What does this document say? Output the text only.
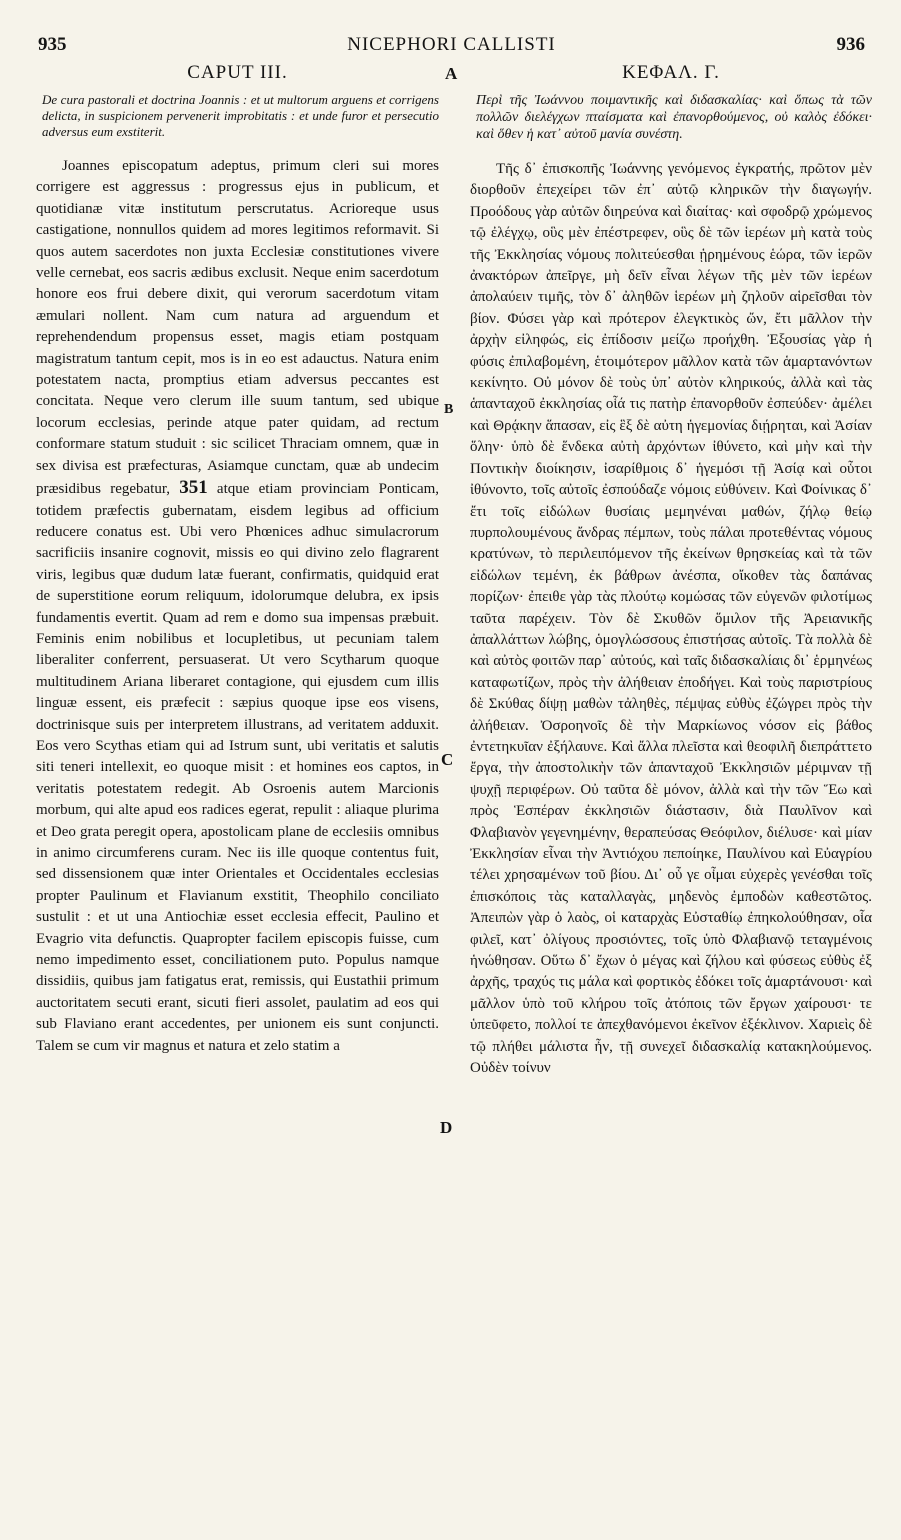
935	NICEPHORI CALLISTI	936
A
B
C
D
CAPUT III.

De cura pastorali et doctrina Joannis : et ut multorum arguens et corrigens delicta, in suspicionem pervenerit improbitatis : et unde furor et persecutio adversus eum exstiterit.

Joannes episcopatum adeptus, primum cleri sui mores corrigere est aggressus : progressus ejus in publicum, et quotidianæ vitæ institutum perscrutatus. Acrioreque usus castigatione, nonnullos quidem ad mores legitimos reformavit. Si quos autem sacerdotes non juxta Ecclesiæ constitutiones vivere velle cernebat, eos sacris ædibus exclusit. Neque enim sacerdotum honore eos frui debere dixit, qui verorum sacerdotum vitam æmulari nollent. Nam cum natura ad arguendum et reprehendendum propensus esset, magis etiam postquam magistratum tantum cepit, mos is in eo est adauctus. Natura enim potestatem nacta, promptius etiam adversus peccantes est concitata. Neque vero clerum ille suum tantum, sed ubique locorum ecclesias, perinde atque pater quidam, ad rectum conformare statum studuit : sic scilicet Thraciam omnem, quæ in sex divisa est præfecturas, Asiamque cunctam, quæ ab undecim præsidibus regebatur, 351 atque etiam provinciam Ponticam, totidem præfectis gubernatam, eisdem legibus ad officium reducere conatus est. Ubi vero Phœnices adhuc simulacrorum sacrificiis insanire cognovit, missis eo qui divino zelo flagrarent viris, legibus quæ dudum latæ fuerant, confirmatis, quidquid erat de superstitione eorum reliquum, idolorumque delubra, ex ipsis fundamentis evertit. Quam ad rem e domo sua impensas præbuit. Feminis enim nobilibus et locupletibus, ut pecuniam talem liberaliter conferrent, persuaserat. Ut vero Scytharum quoque multitudinem Ariana liberaret contagione, qui ejusdem cum illis linguæ essent, eis præfecit : sæpius quoque ipse eos visens, doctrinisque suis per interpretem illustrans, ad veritatem adduxit. Eos vero Scythas etiam qui ad Istrum sunt, ubi veritatis et salutis siti teneri intellexit, eo quoque misit : et homines eos captos, in veritatis potestatem redegit. Ab Osroenis autem Marcionis morbum, qui alte apud eos radices egerat, repulit : aliaque plurima et Deo grata peregit opera, apostolicam plane de ecclesiis omnibus in animo circumferens curam. Nec iis ille quoque contentus fuit, sed dissensionem quæ inter Orientales et Occidentales ecclesias propter Paulinum et Flavianum exstitit, Theophilo conciliato sustulit : et ut una Antiochiæ esset ecclesia effecit, Paulino et Evagrio vita defunctis. Quapropter facilem episcopis fuisse, cum nemo impedimento esset, conciliationem puto. Populus namque dissidiis, quibus jam fatigatus erat, remissis, qui Eustathii primum auctoritatem secuti erant, sicuti fieri assolet, paulatim ad eos qui sub Flaviano erant accedentes, per unionem eis sunt conjuncti. Talem se cum vir magnus et natura et zelo statim a

ΚΕΦΑΛ. Γ.

Περὶ τῆς Ἰωάννου ποιμαντικῆς καὶ διδασκαλίας· καὶ ὅπως τὰ τῶν πολλῶν διελέγχων πταίσματα καὶ ἐπανορθούμενος, οὐ καλὸς ἐδόκει· καὶ ὅθεν ἡ κατ᾽ αὐτοῦ μανία συνέστη.

Τῆς δ᾽ ἐπισκοπῆς Ἰωάννης γενόμενος ἐγκρατής, πρῶτον μὲν διορθοῦν ἐπεχείρει τῶν ἐπ᾽ αὐτῷ κληρικῶν τὴν διαγωγήν. Προόδους γὰρ αὐτῶν διηρεύνα καὶ διαίτας· καὶ σφοδρῷ χρώμενος τῷ ἐλέγχῳ, οὓς μὲν ἐπέστρεφεν, οὓς δὲ τῶν ἱερέων μὴ κατὰ τοὺς τῆς Ἐκκλησίας νόμους πολιτεύεσθαι ᾑρημένους ἑώρα, τῶν ἱερῶν ἀνακτόρων ἀπεῖργε, μὴ δεῖν εἶναι λέγων τῆς μὲν τῶν ἱερέων ἀπολαύειν τιμῆς, τὸν δ᾽ ἀληθῶν ἱερέων μὴ ζηλοῦν αἱρεῖσθαι τὸν βίον. Φύσει γὰρ καὶ πρότερον ἐλεγκτικὸς ὤν, ἔτι μᾶλλον τὴν ἀρχὴν εἰληφώς, εἰς ἐπίδοσιν μείζω προήχθη. Ἐξουσίας γὰρ ἡ φύσις ἐπιλαβομένη, ἑτοιμότερον μᾶλλον κατὰ τῶν ἁμαρτανόντων κεκίνητο. Οὐ μόνον δὲ τοὺς ὑπ᾽ αὐτὸν κληρικούς, ἀλλὰ καὶ τὰς ἁπανταχοῦ ἐκκλησίας οἷά τις πατὴρ ἐπανορθοῦν ἐσπεύδεν· ἀμέλει καὶ Θρᾴκην ἅπασαν, εἰς ἓξ δὲ αὐτη ἡγεμονίας διῄρηται, καὶ Ἀσίαν ὅλην· ὑπὸ δὲ ἕνδεκα αὐτὴ ἀρχόντων ἰθύνετο, καὶ μὴν καὶ τὴν Ποντικὴν διοίκησιν, ἰσαρίθμοις δ᾽ ἡγεμόσι τῇ Ἀσίᾳ καὶ οὗτοι ἰθύνοντο, τοῖς αὐτοῖς ἐσπούδαζε νόμοις εὐθύνειν. Καὶ Φοίνικας δ᾽ ἔτι τοῖς εἰδώλων θυσίαις μεμηνέναι μαθών, ζήλῳ θείῳ πυρπολουμένους ἄνδρας πέμπων, τοὺς πάλαι προτεθέντας νόμους κρατύνων, τὸ περιλειπόμενον τῆς ἐκείνων θρησκείας καὶ τὰ τῶν εἰδώλων τεμένη, ἐκ βάθρων ἀνέσπα, οἴκοθεν τὰς δαπάνας πορίζων· ἐπειθε γὰρ τὰς πλούτῳ κομώσας τῶν εὐγενῶν φιλοτίμως ταῦτα παρέχειν. Τὸν δὲ Σκυθῶν ὅμιλον τῆς Ἀρειανικῆς ἀπαλλάττων λώβης, ὁμογλώσσους ἐπιστήσας αὐτοῖς. Τὰ πολλὰ δὲ καὶ αὐτὸς φοιτῶν παρ᾽ αὐτούς, καὶ ταῖς διδασκαλίαις δι᾽ ἑρμηνέως καταφωτίζων, πρὸς τὴν ἀλήθειαν ἐποδήγει. Καὶ τοὺς παριστρίους δὲ Σκύθας δίψῃ μαθὼν τἀληθὲς, πέμψας εὐθὺς ἐζώγρει πρὸς τὴν ἀλήθειαν. Ὀσροηνοῖς δὲ τὴν Μαρκίωνος νόσον εἰς βάθος ἐντετηκυῖαν ἐξήλαυνε. Καὶ ἄλλα πλεῖστα καὶ θεοφιλῆ διεπράττετο ἔργα, τὴν ἀποστολικὴν τῶν ἁπανταχοῦ Ἐκκλησιῶν μέριμναν τῇ ψυχῇ περιφέρων. Οὐ ταῦτα δὲ μόνον, ἀλλὰ καὶ τὴν τῶν Ἕω καὶ πρὸς Ἑσπέραν ἐκκλησιῶν διάστασιν, διὰ Παυλῖνον καὶ Φλαβιανὸν γεγενημένην, θεραπεύσας Θεόφιλον, διέλυσε· καὶ μίαν Ἐκκλησίαν εἶναι τὴν Ἀντιόχου πεποίηκε, Παυλίνου καὶ Εὐαγρίου τέλει χρησαμένων τοῦ βίου. Δι᾽ οὗ γε οἶμαι εὐχερὲς γενέσθαι τοῖς ἐπισκόποις τὰς καταλλαγὰς, μηδενὸς ἐμποδὼν καθεστῶτος. Ἀπειπὼν γὰρ ὁ λαὸς, οἱ καταρχὰς Εὐσταθίῳ ἐπηκολούθησαν, οἷα φιλεῖ, κατ᾽ ὀλίγους προσιόντες, τοῖς ὑπὸ Φλαβιανῷ τεταγμένοις ἡνώθησαν. Οὕτω δ᾽ ἔχων ὁ μέγας καὶ ζήλου καὶ φύσεως εὐθὺς ἐξ ἀρχῆς, τραχύς τις μάλα καὶ φορτικὸς ἐδόκει τοῖς ἁμαρτάνουσι· καὶ μᾶλλον ὑπὸ τοῦ κλήρου τοῖς ἀτόποις τῶν ἔργων χαίρουσι· τε ὑπεῦφετο, πολλοί τε ἀπεχθανόμενοι ἐκεῖνον ἐξέκλινον. Χαριεὶς δὲ τῷ πλήθει μάλιστα ἦν, τῇ συνεχεῖ διδασκαλίᾳ κατακηλούμενος. Οὐδὲν τοίνυν
